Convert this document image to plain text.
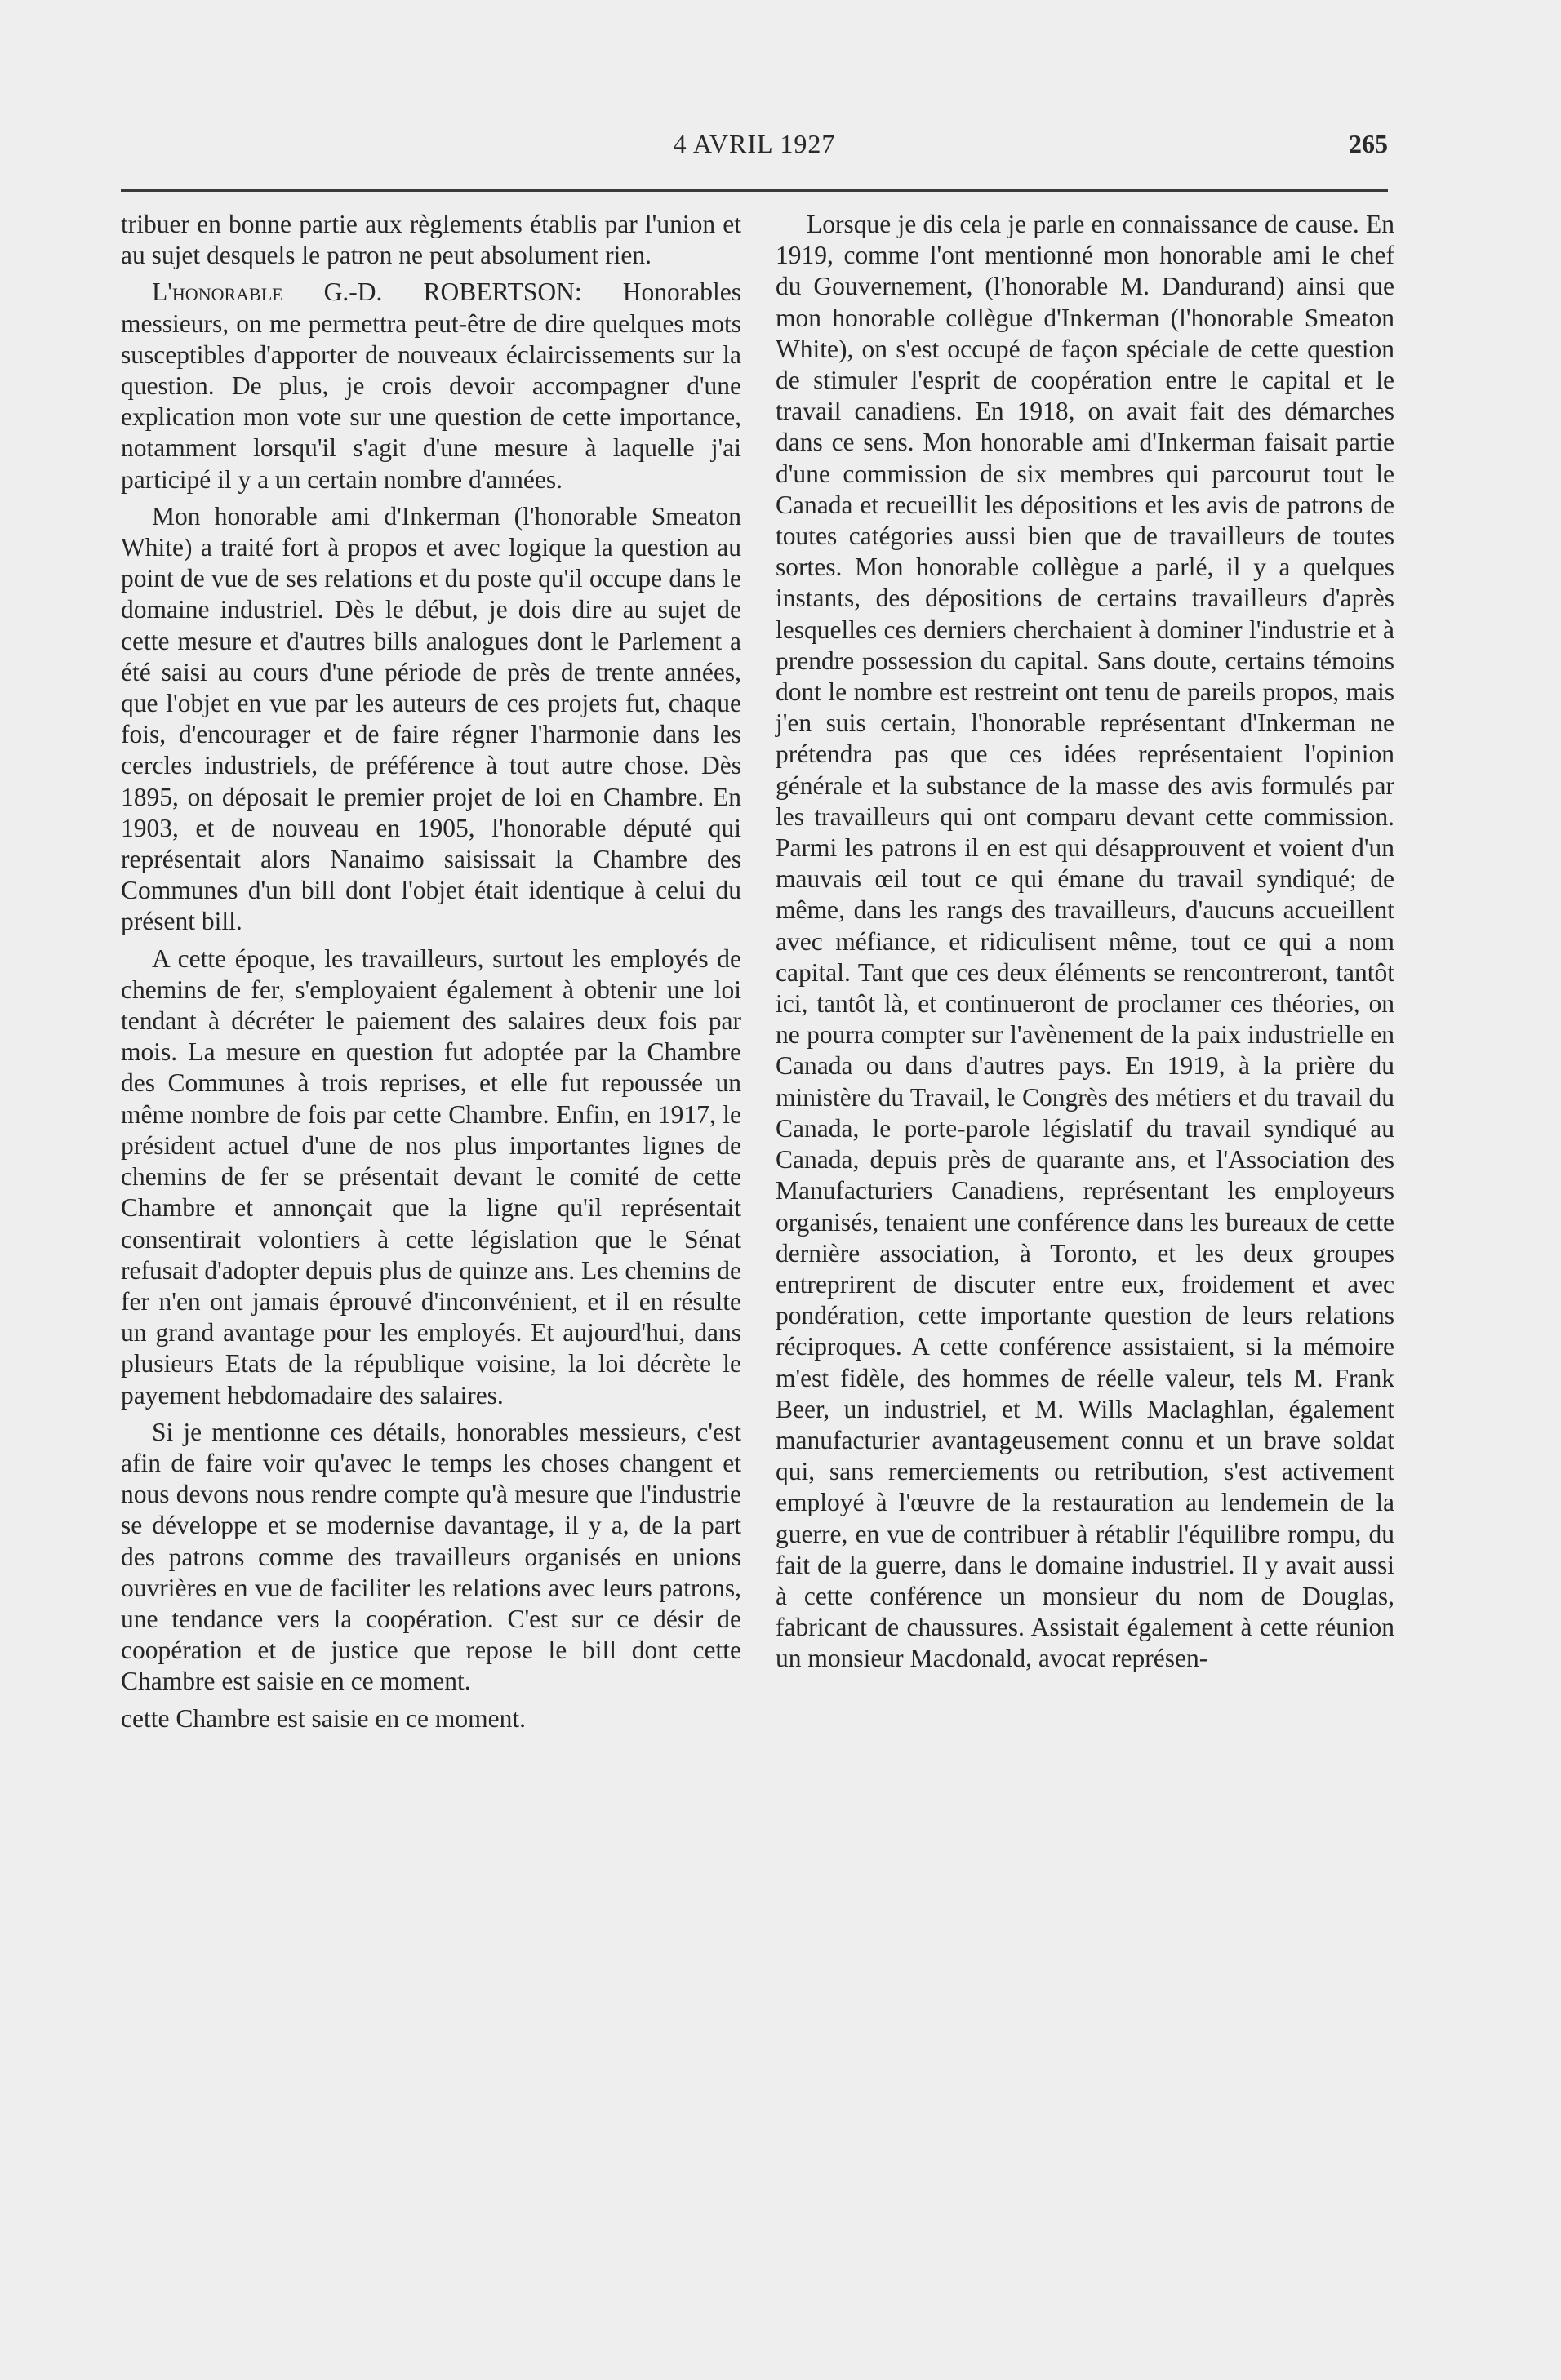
4 AVRIL 1927	265

tribuer en bonne partie aux règlements établis par l'union et au sujet desquels le patron ne peut absolument rien.

L'honorable G.-D. ROBERTSON: Honorables messieurs, on me permettra peut-être de dire quelques mots susceptibles d'apporter de nouveaux éclaircissements sur la question. De plus, je crois devoir accompagner d'une explication mon vote sur une question de cette importance, notamment lorsqu'il s'agit d'une mesure à laquelle j'ai participé il y a un certain nombre d'années.

Mon honorable ami d'Inkerman (l'honorable Smeaton White) a traité fort à propos et avec logique la question au point de vue de ses relations et du poste qu'il occupe dans le domaine industriel. Dès le début, je dois dire au sujet de cette mesure et d'autres bills analogues dont le Parlement a été saisi au cours d'une période de près de trente années, que l'objet en vue par les auteurs de ces projets fut, chaque fois, d'encourager et de faire régner l'harmonie dans les cercles industriels, de préférence à tout autre chose. Dès 1895, on déposait le premier projet de loi en Chambre. En 1903, et de nouveau en 1905, l'honorable député qui représentait alors Nanaimo saisissait la Chambre des Communes d'un bill dont l'objet était identique à celui du présent bill.

A cette époque, les travailleurs, surtout les employés de chemins de fer, s'employaient également à obtenir une loi tendant à décréter le paiement des salaires deux fois par mois. La mesure en question fut adoptée par la Chambre des Communes à trois reprises, et elle fut repoussée un même nombre de fois par cette Chambre. Enfin, en 1917, le président actuel d'une de nos plus importantes lignes de chemins de fer se présentait devant le comité de cette Chambre et annonçait que la ligne qu'il représentait consentirait volontiers à cette législation que le Sénat refusait d'adopter depuis plus de quinze ans. Les chemins de fer n'en ont jamais éprouvé d'inconvénient, et il en résulte un grand avantage pour les employés. Et aujourd'hui, dans plusieurs Etats de la république voisine, la loi décrète le payement hebdomadaire des salaires.

Si je mentionne ces détails, honorables messieurs, c'est afin de faire voir qu'avec le temps les choses changent et nous devons nous rendre compte qu'à mesure que l'industrie se développe et se modernise davantage, il y a, de la part des patrons comme des travailleurs organisés en unions ouvrières en vue de faciliter les relations avec leurs patrons, une tendance vers la coopération. C'est sur ce désir de coopération et de justice que repose le bill dont cette Chambre est saisie en ce moment.

cette Chambre est saisie en ce moment.

Lorsque je dis cela je parle en connaissance de cause. En 1919, comme l'ont mentionné mon honorable ami le chef du Gouvernement, (l'honorable M. Dandurand) ainsi que mon honorable collègue d'Inkerman (l'honorable Smeaton White), on s'est occupé de façon spéciale de cette question de stimuler l'esprit de coopération entre le capital et le travail canadiens. En 1918, on avait fait des démarches dans ce sens. Mon honorable ami d'Inkerman faisait partie d'une commission de six membres qui parcourut tout le Canada et recueillit les dépositions et les avis de patrons de toutes catégories aussi bien que de travailleurs de toutes sortes. Mon honorable collègue a parlé, il y a quelques instants, des dépositions de certains travailleurs d'après lesquelles ces derniers cherchaient à dominer l'industrie et à prendre possession du capital. Sans doute, certains témoins dont le nombre est restreint ont tenu de pareils propos, mais j'en suis certain, l'honorable représentant d'Inkerman ne prétendra pas que ces idées représentaient l'opinion générale et la substance de la masse des avis formulés par les travailleurs qui ont comparu devant cette commission. Parmi les patrons il en est qui désapprouvent et voient d'un mauvais œil tout ce qui émane du travail syndiqué; de même, dans les rangs des travailleurs, d'aucuns accueillent avec méfiance, et ridiculisent même, tout ce qui a nom capital. Tant que ces deux éléments se rencontreront, tantôt ici, tantôt là, et continueront de proclamer ces théories, on ne pourra compter sur l'avènement de la paix industrielle en Canada ou dans d'autres pays. En 1919, à la prière du ministère du Travail, le Congrès des métiers et du travail du Canada, le porte-parole législatif du travail syndiqué au Canada, depuis près de quarante ans, et l'Association des Manufacturiers Canadiens, représentant les employeurs organisés, tenaient une conférence dans les bureaux de cette dernière association, à Toronto, et les deux groupes entreprirent de discuter entre eux, froidement et avec pondération, cette importante question de leurs relations réciproques. A cette conférence assistaient, si la mémoire m'est fidèle, des hommes de réelle valeur, tels M. Frank Beer, un industriel, et M. Wills Maclaghlan, également manufacturier avantageusement connu et un brave soldat qui, sans remerciements ou retribution, s'est activement employé à l'œuvre de la restauration au lendemein de la guerre, en vue de contribuer à rétablir l'équilibre rompu, du fait de la guerre, dans le domaine industriel. Il y avait aussi à cette conférence un monsieur du nom de Douglas, fabricant de chaussures. Assistait également à cette réunion un monsieur Macdonald, avocat représen-
